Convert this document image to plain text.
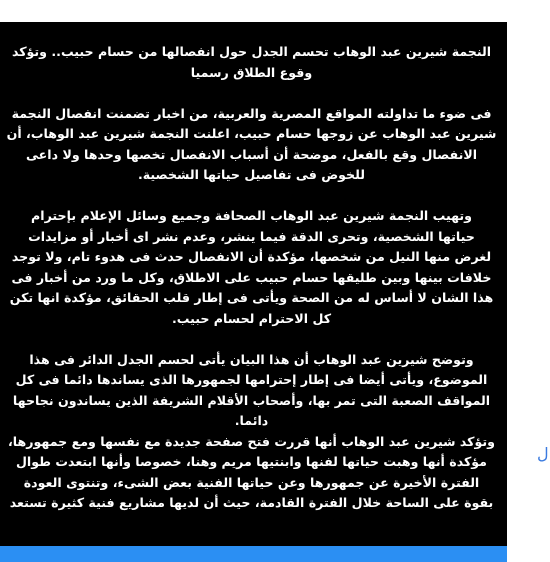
النجمة شيرين عبد الوهاب تحسم الجدل حول انفصالها من حسام حبيب.. وتؤكد
وقوع الطلاق رسميا
فى ضوء ما تداولته المواقع المصرية والعربية، من اخبار تضمنت انفصال النجمة
شيرين عبد الوهاب عن زوجها حسام حبيب، اعلنت النجمة شيرين عبد الوهاب، أن
الانفصال وقع بالفعل، موضحة أن أسباب الانفصال تخصها وحدها ولا داعى
للخوض فى تفاصيل حياتها الشخصية.
وتهيب النجمة شيرين عبد الوهاب الصحافة وجميع وسائل الإعلام بإحترام
حياتها الشخصية، وتحرى الدقة فيما ينشر، وعدم نشر اى أخبار أو مزايدات
لغرض منها النيل من شخصها، مؤكدة أن الانفصال حدث فى هدوء تام، ولا توجد
خلافات بينها وبين طليقها حسام حبيب على الاطلاق، وكل ما ورد من أخبار فى
هذا الشان لا أساس له من الصحة ويأتى فى إطار قلب الحقائق، مؤكدة انها تكن
كل الاحترام لحسام حبيب.
وتوضح شيرين عبد الوهاب أن هذا البيان يأتى لحسم الجدل الدائر فى هذا
الموضوع، ويأتى أيضا فى إطار إحترامها لجمهورها الذى يساندها دائما فى كل
المواقف الصعبة التى تمر بها، وأصحاب الأقلام الشريفة الذين يساندون نجاحها
دائما.
وتؤكد شيرين عبد الوهاب أنها قررت فتح صفحة جديدة مع نفسها ومع جمهورها،
مؤكدة أنها وهبت حياتها لفنها وابنتيها مريم وهنا، خصوصا وأنها ابتعدت طوال
الفترة الأخيرة عن جمهورها وعن حياتها الفنية بعض الشىء، وتنتوى العودة
بقوة على الساحة خلال الفترة القادمة، حيث أن لديها مشاريع فنية كثيرة تستعد
ل
